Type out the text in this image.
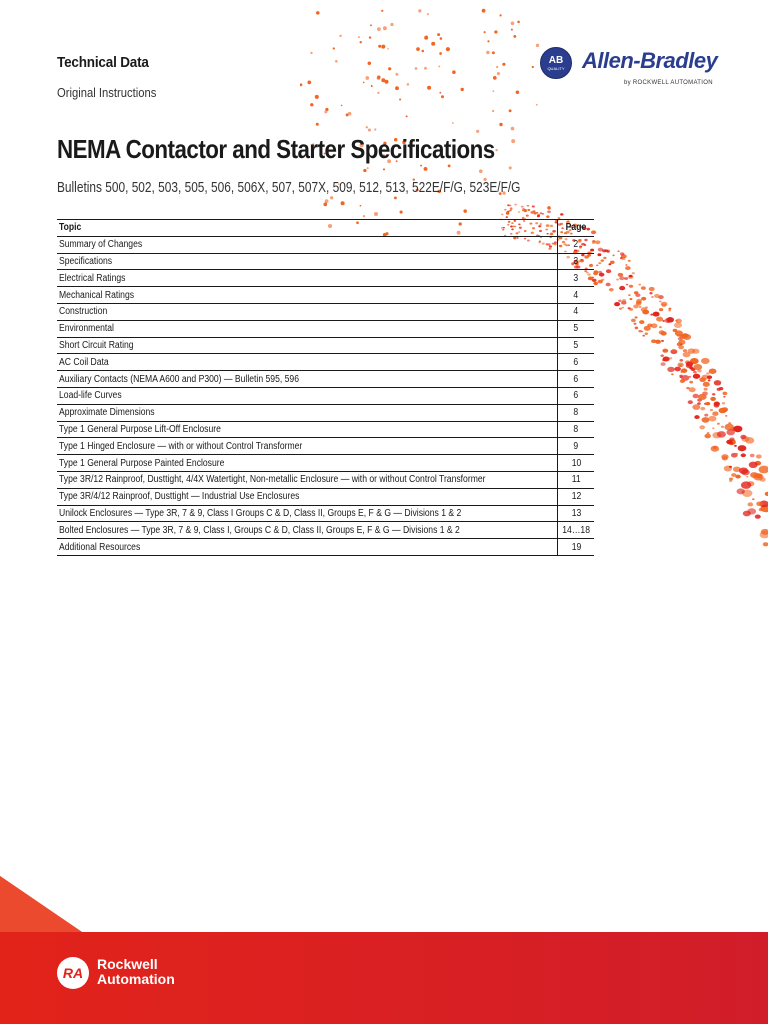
Technical Data
Original Instructions
AB
QUALITY Allen-Bradley
by ROCKWELL AUTOMATION
NEMA Contactor and Starter Specifications
Bulletins 500, 502, 503, 505, 506, 506X, 507, 507X, 509, 512, 513, 522E/F/G, 523E/F/G
Topic	Page
Summary of Changes	2
Specifications	3
Electrical Ratings	3
Mechanical Ratings	4
Construction	4
Environmental	5
Short Circuit Rating	5
AC Coil Data	6
Auxiliary Contacts (NEMA A600 and P300) — Bulletin 595, 596	6
Load-life Curves	6
Approximate Dimensions	8
Type 1 General Purpose Lift-Off Enclosure	8
Type 1 Hinged Enclosure — with or without Control Transformer	9
Type 1 General Purpose Painted Enclosure	10
Type 3R/12 Rainproof, Dusttight, 4/4X Watertight, Non-metallic Enclosure — with or without Control Transformer	11
Type 3R/4/12 Rainproof, Dusttight — Industrial Use Enclosures	12
Unilock Enclosures — Type 3R, 7 & 9, Class I Groups C & D, Class II, Groups E, F & G — Divisions 1 & 2	13
Bolted Enclosures — Type 3R, 7 & 9, Class I, Groups C & D, Class II, Groups E, F & G — Divisions 1 & 2	14…18
Additional Resources	19
RA
Rockwell
Automation
